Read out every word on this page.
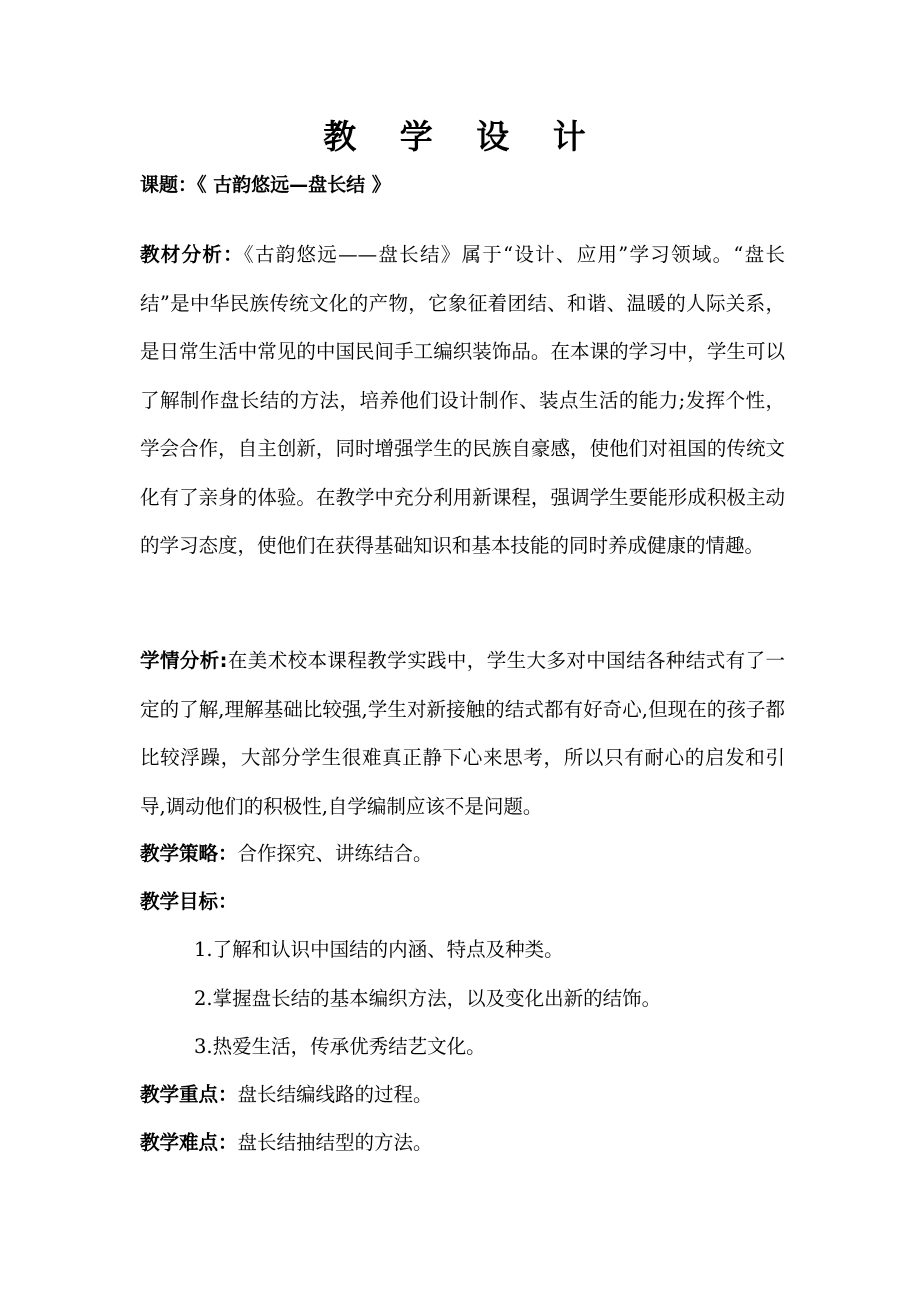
教 学 设 计
课题：《 古韵悠远—盘长结 》

教材分析：《古韵悠远——盘长结》属于“设计、应用”学习领域。“盘长结”是中华民族传统文化的产物，它象征着团结、和谐、温暖的人际关系，是日常生活中常见的中国民间手工编织装饰品。在本课的学习中，学生可以了解制作盘长结的方法，培养他们设计制作、装点生活的能力;发挥个性，学会合作，自主创新，同时增强学生的民族自豪感，使他们对祖国的传统文化有了亲身的体验。在教学中充分利用新课程，强调学生要能形成积极主动的学习态度，使他们在获得基础知识和基本技能的同时养成健康的情趣。

学情分析:在美术校本课程教学实践中，学生大多对中国结各种结式有了一定的了解,理解基础比较强,学生对新接触的结式都有好奇心,但现在的孩子都比较浮躁，大部分学生很难真正静下心来思考，所以只有耐心的启发和引导,调动他们的积极性,自学编制应该不是问题。

教学策略：合作探究、讲练结合。
教学目标：
1.了解和认识中国结的内涵、特点及种类。
2.掌握盘长结的基本编织方法，以及变化出新的结饰。
3.热爱生活，传承优秀结艺文化。
教学重点：盘长结编线路的过程。
教学难点：盘长结抽结型的方法。
